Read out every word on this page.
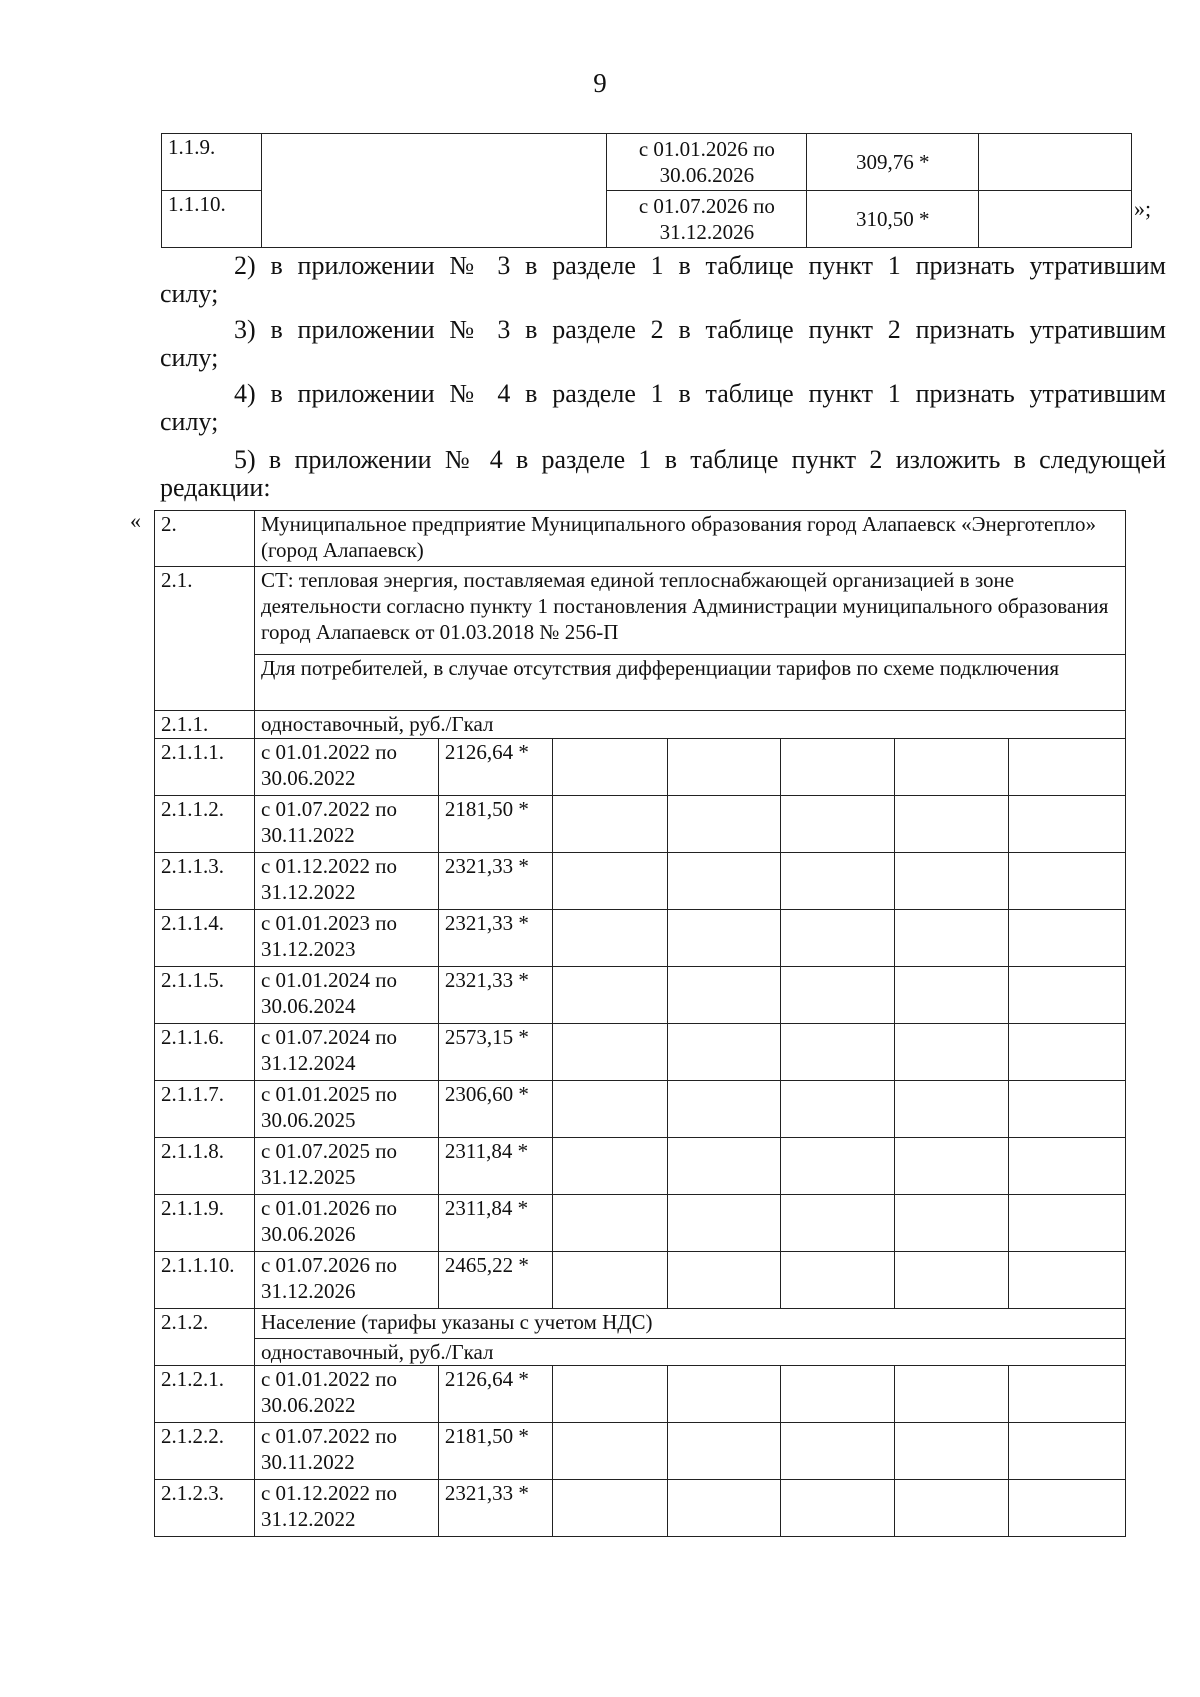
9
1.1.9.		с 01.01.2026 по 30.06.2026	309,76 *	
1.1.10.		с 01.07.2026 по 31.12.2026	310,50 *		»;
2) в приложении № 3 в разделе 1 в таблице пункт 1 признать утратившим
силу;
3) в приложении № 3 в разделе 2 в таблице пункт 2 признать утратившим
силу;
4) в приложении № 4 в разделе 1 в таблице пункт 1 признать утратившим
силу;
5) в приложении № 4 в разделе 1 в таблице пункт 2 изложить в следующей
редакции:
« 2.	Муниципальное предприятие Муниципального образования город Алапаевск «Энерготепло» (город Алапаевск)						
2.1.	СТ: тепловая энергия, поставляемая единой теплоснабжающей организацией в зоне деятельности согласно пункту 1 постановления Администрации муниципального образования город Алапаевск от 01.03.2018 № 256-П						
	Для потребителей, в случае отсутствия дифференциации тарифов по схеме подключения						
2.1.1.	одноставочный, руб./Гкал						
2.1.1.1.	с 01.01.2022 по 30.06.2022	2126,64 *					
2.1.1.2.	с 01.07.2022 по 30.11.2022	2181,50 *					
2.1.1.3.	с 01.12.2022 по 31.12.2022	2321,33 *					
2.1.1.4.	с 01.01.2023 по 31.12.2023	2321,33 *					
2.1.1.5.	с 01.01.2024 по 30.06.2024	2321,33 *					
2.1.1.6.	с 01.07.2024 по 31.12.2024	2573,15 *					
2.1.1.7.	с 01.01.2025 по 30.06.2025	2306,60 *					
2.1.1.8.	с 01.07.2025 по 31.12.2025	2311,84 *					
2.1.1.9.	с 01.01.2026 по 30.06.2026	2311,84 *					
2.1.1.10.	с 01.07.2026 по 31.12.2026	2465,22 *					
2.1.2.	Население (тарифы указаны с учетом НДС)						
	одноставочный, руб./Гкал						
2.1.2.1.	с 01.01.2022 по 30.06.2022	2126,64 *					
2.1.2.2.	с 01.07.2022 по 30.11.2022	2181,50 *					
2.1.2.3.	с 01.12.2022 по 31.12.2022	2321,33 *					
